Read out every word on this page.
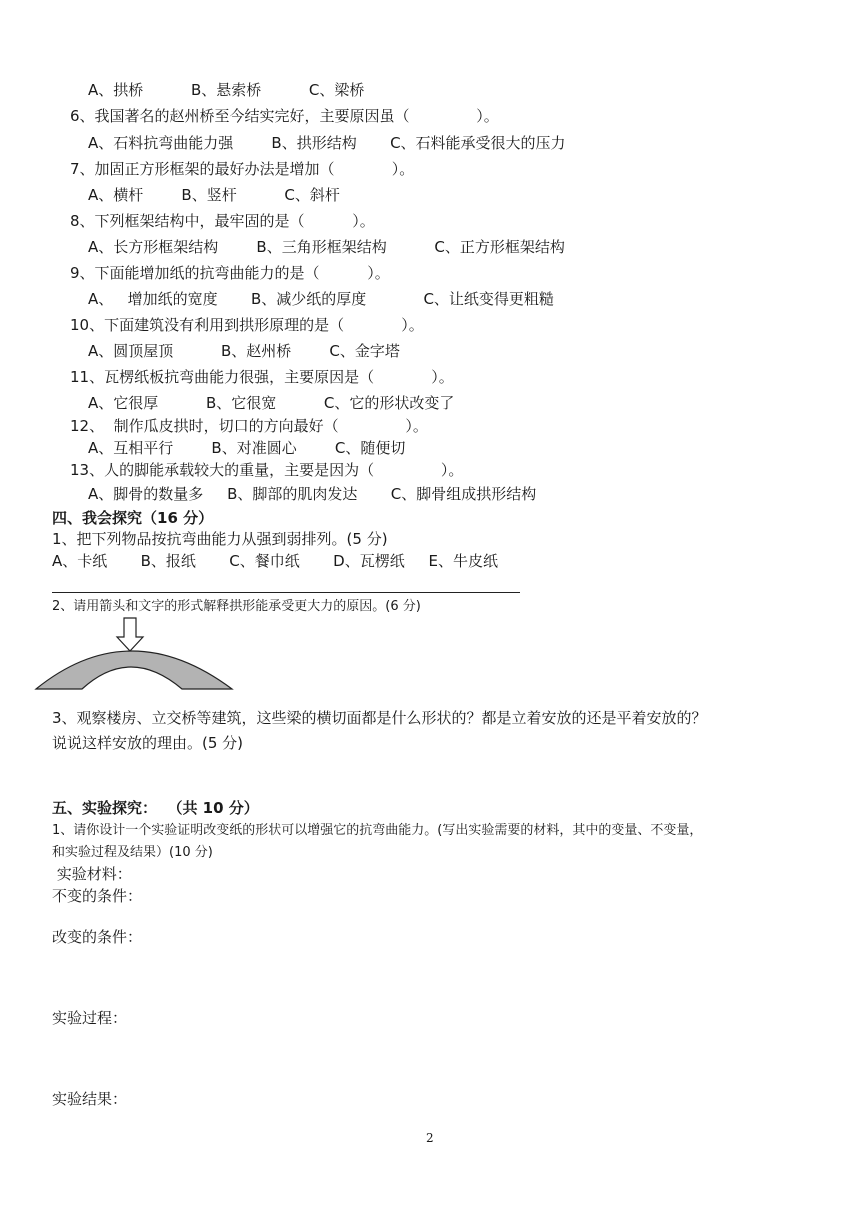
A、拱桥          B、悬索桥          C、梁桥
6、我国著名的赵州桥至今结实完好，主要原因虽（              ）。
A、石料抗弯曲能力强        B、拱形结构       C、石料能承受很大的压力
7、加固正方形框架的最好办法是增加（            ）。
A、横杆        B、竖杆          C、斜杆
8、下列框架结构中，最牢固的是（          ）。
A、长方形框架结构        B、三角形框架结构          C、正方形框架结构
9、下面能增加纸的抗弯曲能力的是（          ）。
A、   增加纸的宽度       B、减少纸的厚度            C、让纸变得更粗糙
10、下面建筑没有利用到拱形原理的是（            ）。
A、圆顶屋顶          B、赵州桥        C、金字塔
11、瓦楞纸板抗弯曲能力很强，主要原因是（            ）。
A、它很厚          B、它很宽          C、它的形状改变了
12、  制作瓜皮拱时，切口的方向最好（              ）。
A、互相平行        B、对准圆心        C、随便切
13、人的脚能承载较大的重量，主要是因为（              ）。
A、脚骨的数量多     B、脚部的肌肉发达       C、脚骨组成拱形结构
四、我会探究（16 分）
1、把下列物品按抗弯曲能力从强到弱排列。(5 分)
A、卡纸       B、报纸       C、餐巾纸       D、瓦楞纸     E、牛皮纸
2、请用箭头和文字的形式解释拱形能承受更大力的原因。(6 分)
3、观察楼房、立交桥等建筑，这些梁的横切面都是什么形状的？都是立着安放的还是平着安放的？
说说这样安放的理由。(5 分)
五、实验探究：  （共 10 分）
1、请你设计一个实验证明改变纸的形状可以增强它的抗弯曲能力。(写出实验需要的材料，其中的变量、不变量，
和实验过程及结果）(10 分)
实验材料：
不变的条件：
改变的条件：
实验过程：
实验结果：
2
